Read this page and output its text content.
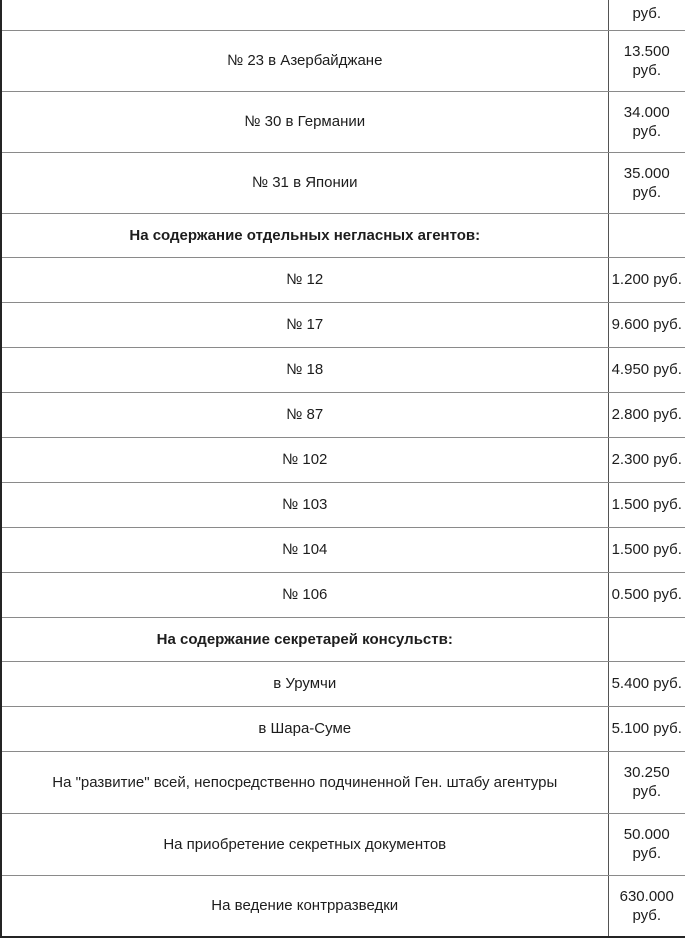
	руб.

№ 23 в Азербайджане	13.500
руб.

№ 30 в Германии	34.000
руб.

№ 31 в Японии	35.000
руб.

На содержание отдельных негласных агентов:	
№ 12	1.200 руб.

№ 17	9.600 руб.

№ 18	4.950 руб.

№ 87	2.800 руб.

№ 102	2.300 руб.

№ 103	1.500 руб.

№ 104	1.500 руб.

№ 106	0.500 руб.

На содержание секретарей консульств:	
в Урумчи	5.400 руб.

в Шара-Суме	5.100 руб.

На "развитие" всей, непосредственно подчиненной Ген. штабу агентуры	30.250
руб.

На приобретение секретных документов	50.000
руб.

На ведение контрразведки	630.000
руб.
